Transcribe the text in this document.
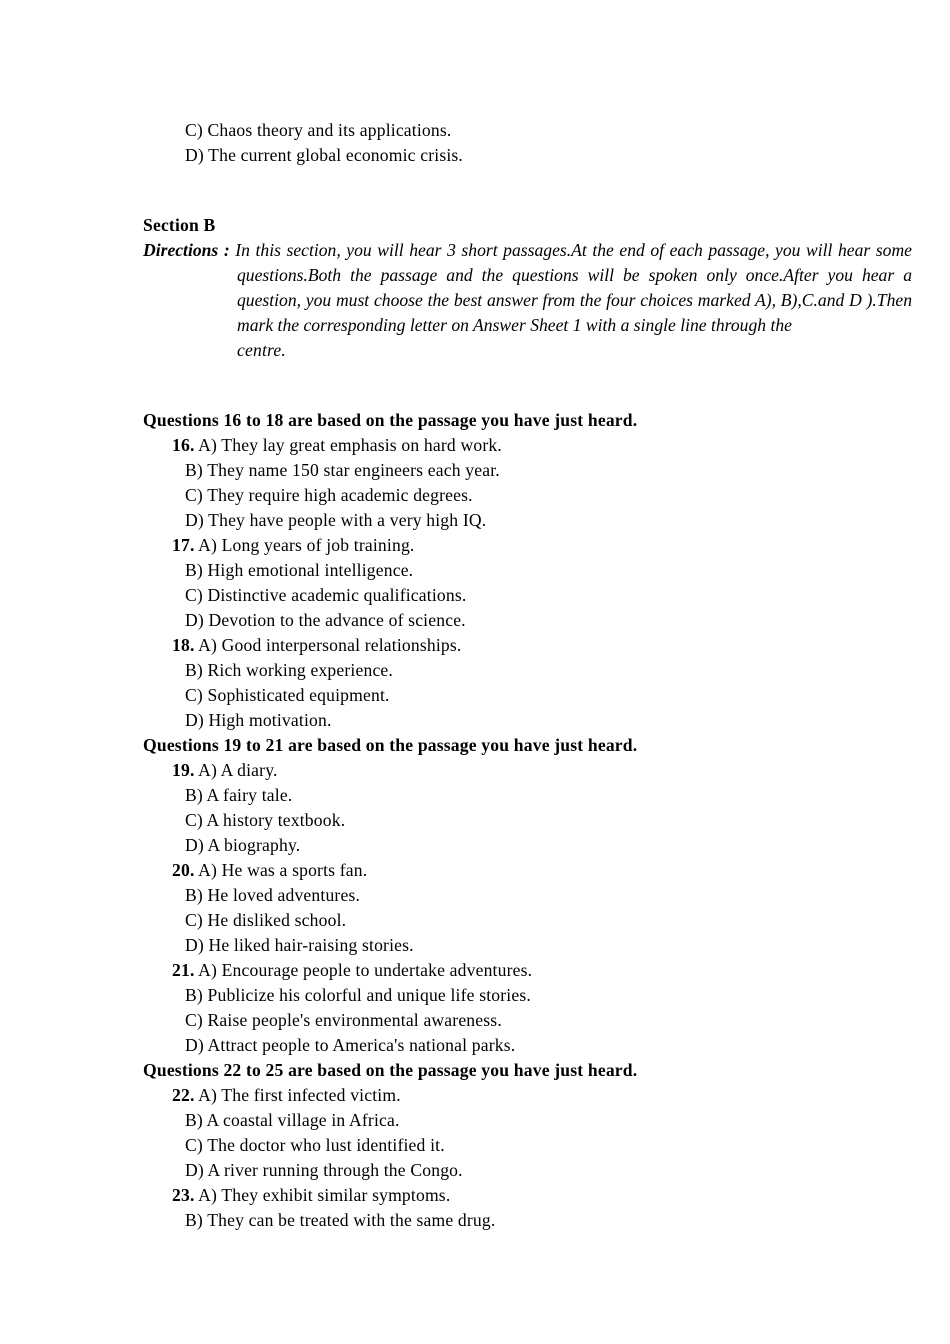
C) Chaos theory and its applications.
D) The current global economic crisis.
Section B
Directions : In this section, you will hear 3 short passages.At the end of each passage, you will hear some questions.Both the passage and the questions will be spoken only once.After you hear a question, you must choose the best answer from the four choices marked A), B),C.and D ).Then mark the corresponding letter on Answer Sheet 1 with a single line through the
centre.
Questions 16 to 18 are based on the passage you have just heard.
16. A) They lay great emphasis on hard work.
B) They name 150 star engineers each year.
C) They require high academic degrees.
D) They have people with a very high IQ.
17. A) Long years of job training.
B) High emotional intelligence.
C) Distinctive academic qualifications.
D) Devotion to the advance of science.
18. A) Good interpersonal relationships.
B) Rich working experience.
C) Sophisticated equipment.
D) High motivation.
Questions 19 to 21 are based on the passage you have just heard.
19. A) A diary.
B) A fairy tale.
C) A history textbook.
D) A biography.
20. A) He was a sports fan.
B) He loved adventures.
C) He disliked school.
D) He liked hair-raising stories.
21. A) Encourage people to undertake adventures.
B) Publicize his colorful and unique life stories.
C) Raise people's environmental awareness.
D) Attract people to America's national parks.
Questions 22 to 25 are based on the passage you have just heard.
22. A) The first infected victim.
B) A coastal village in Africa.
C) The doctor who lust identified it.
D) A river running through the Congo.
23. A) They exhibit similar symptoms.
B) They can be treated with the same drug.
